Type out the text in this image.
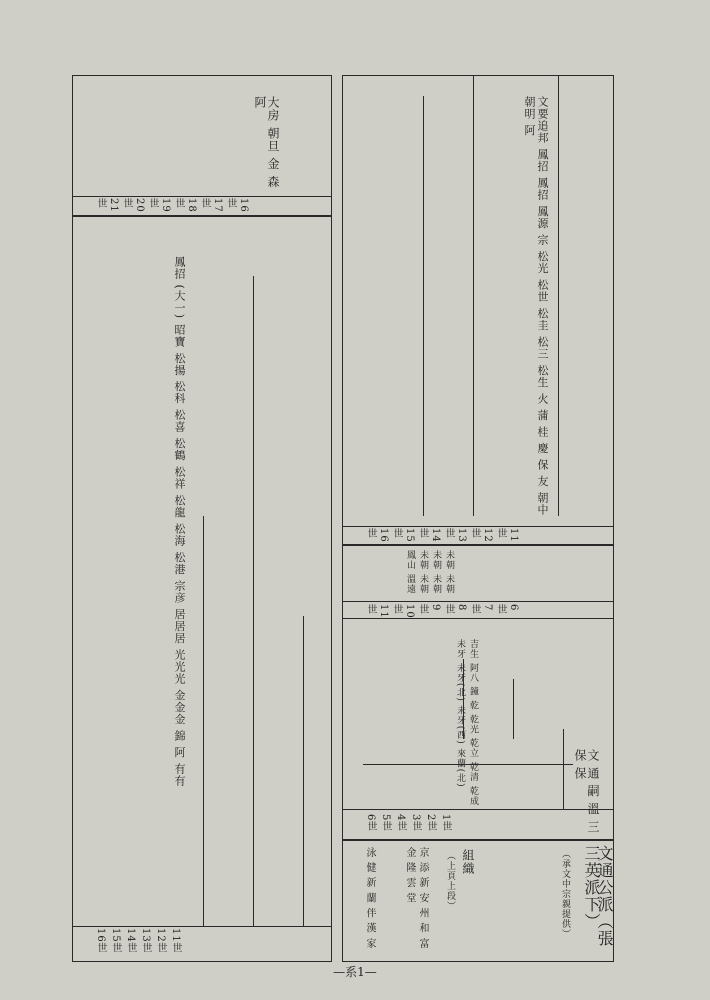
文通公派（張三英派下）
（承文中宗親提供）
組織
（上頁上段）
京 添 新 安 州 和 富 金 隆 雲 堂
泳 健 新 蘭 伴 漢 家
文 通 嗣 溫 三 保 保
吉生 阿八 鐘 乾 乾光 乾立 乾清 乾成 未牙 未牙(北) 未牙(西) 來蘭(北)
1世 2世 3世 4世 5世 6世
未朝 未朝 未朝 未朝 未朝 未朝 鳳山 溫遠
6世 7世 8世 9世 10世 11世
文要追邦 鳳招 鳳招 鳳源 宗 松光 松世 松圭 松三 松生 火 蒲 桂 慶 保 友 朝中 朝明 阿
11世 12世 13世 14世 15世 16世
大房 朝旦 金 森 阿
16世 17世 18世 19世 20世 21世
鳳招 (大一) 昭寶 松揚 松科 松喜 松鶴 松祥 松龍 松海 松港 宗彦 居居居 光光光 金金金 錦 阿 有有
11世 12世 13世 14世 15世 16世
—系1—
